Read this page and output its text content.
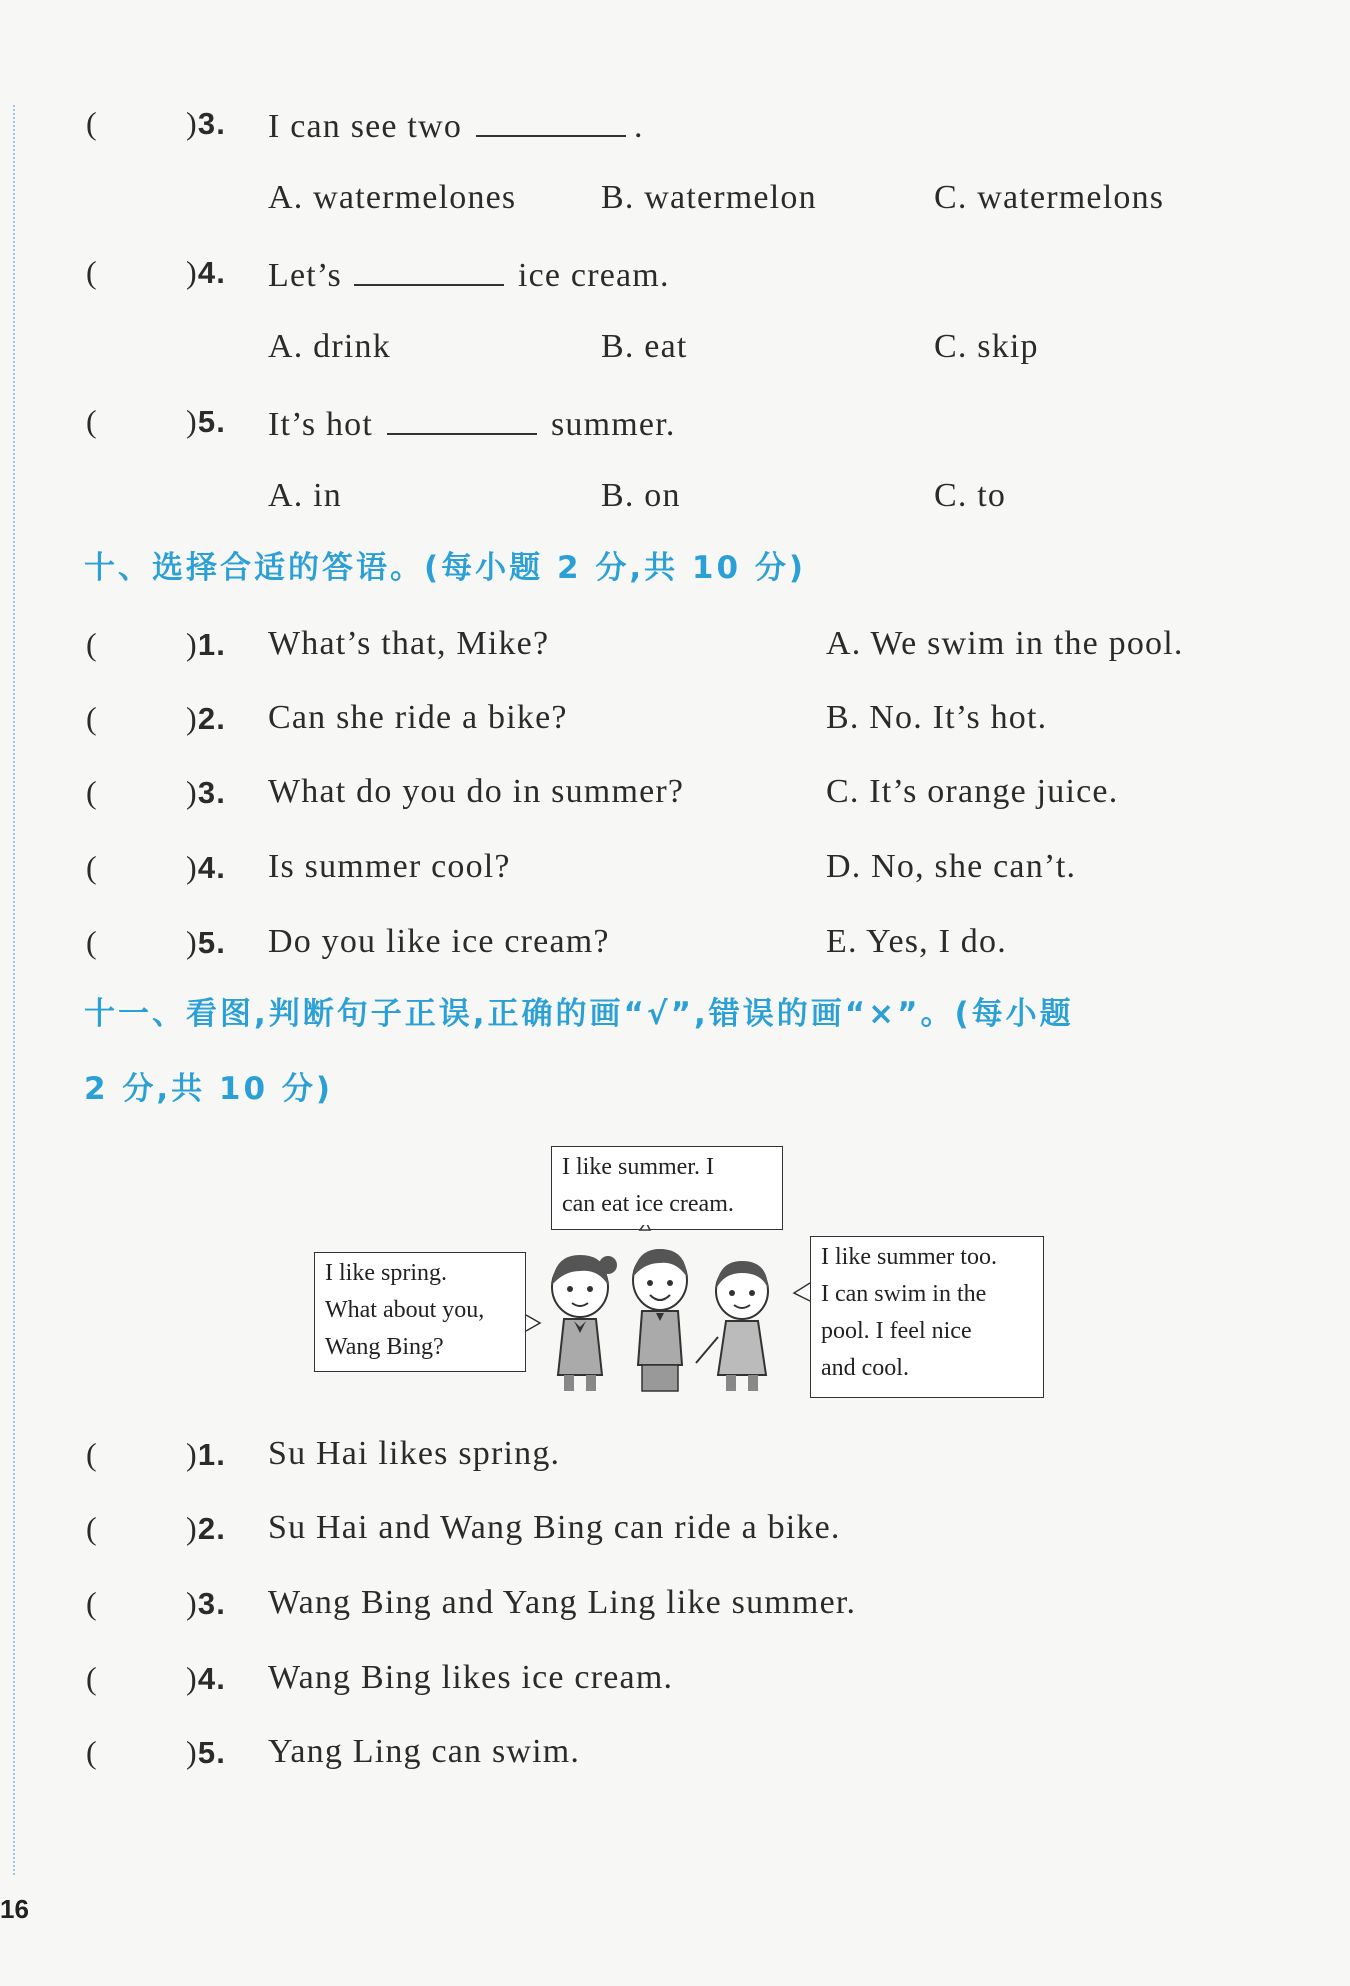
(	)3. I can see two	.
A. watermelones B. watermelon	C. watermelons
(	)4. Let’s	ice cream.
A. drink	B. eat	C. skip
(	)5. It’s hot	summer.
A. in	B. on	C. to
十、选择合适的答语。(每小题 2 分,共 10 分)
(	)1. What’s that, Mike?	A. We swim in the pool.
(	)2. Can she ride a bike?	B. No. It’s hot.
(	)3. What do you do in summer?	C. It’s orange juice.
(	)4. Is summer cool?	D. No, she can’t.
(	)5. Do you like ice cream?	E. Yes, I do.
十一、看图,判断句子正误,正确的画“√”,错误的画“×”。(每小题
2 分,共 10 分)
I like summer. I
can eat ice cream.
I like spring.
What about you,
Wang Bing?
I like summer too.
I can swim in the
pool. I feel nice
and cool.
(	)1. Su Hai likes spring.
(	)2. Su Hai and Wang Bing can ride a bike.
(	)3. Wang Bing and Yang Ling like summer.
(	)4. Wang Bing likes ice cream.
(	)5. Yang Ling can swim.
16
